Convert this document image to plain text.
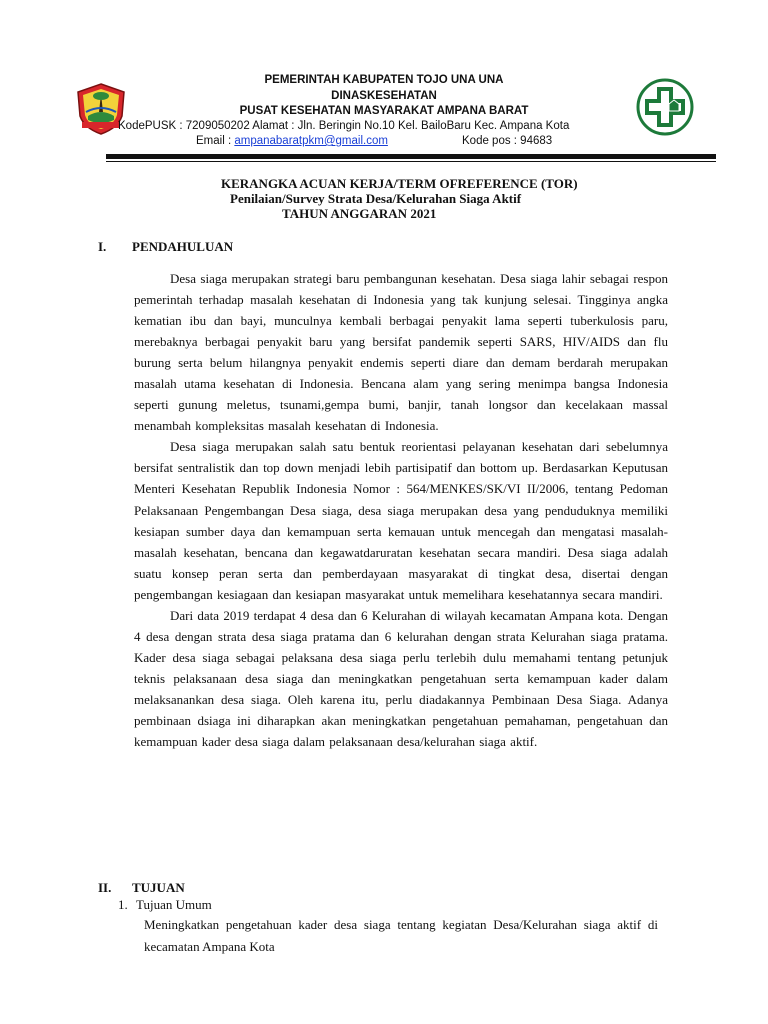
PEMERINTAH KABUPATEN TOJO UNA UNA
DINASKESEHATAN
PUSAT KESEHATAN MASYARAKAT AMPANA BARAT
KodePUSK : 7209050202 Alamat : Jln. Beringin No.10 Kel. BailoBaru Kec. Ampana Kota
Email : ampanabaratpkm@gmail.com	Kode pos : 94683
KERANGKA ACUAN KERJA/TERM OFREFERENCE (TOR)
Penilaian/Survey Strata Desa/Kelurahan Siaga Aktif
TAHUN ANGGARAN 2021
I. PENDAHULUAN

Desa siaga merupakan strategi baru pembangunan kesehatan. Desa siaga lahir sebagai respon pemerintah terhadap masalah kesehatan di Indonesia yang tak kunjung selesai. Tingginya angka kematian ibu dan bayi, munculnya kembali berbagai penyakit lama seperti tuberkulosis paru, merebaknya berbagai penyakit baru yang bersifat pandemik seperti SARS, HIV/AIDS dan flu burung serta belum hilangnya penyakit endemis seperti diare dan demam berdarah merupakan masalah utama kesehatan di Indonesia. Bencana alam yang sering menimpa bangsa Indonesia seperti gunung meletus, tsunami,gempa bumi, banjir, tanah longsor dan kecelakaan massal menambah kompleksitas masalah kesehatan di Indonesia.

Desa siaga merupakan salah satu bentuk reorientasi pelayanan kesehatan dari sebelumnya bersifat sentralistik dan top down menjadi lebih partisipatif dan bottom up. Berdasarkan Keputusan Menteri Kesehatan Republik Indonesia Nomor : 564/MENKES/SK/VI II/2006, tentang Pedoman Pelaksanaan Pengembangan Desa siaga, desa siaga merupakan desa yang penduduknya memiliki kesiapan sumber daya dan kemampuan serta kemauan untuk mencegah dan mengatasi masalah-masalah kesehatan, bencana dan kegawatdaruratan kesehatan secara mandiri. Desa siaga adalah suatu konsep peran serta dan pemberdayaan masyarakat di tingkat desa, disertai dengan pengembangan kesiagaan dan kesiapan masyarakat untuk memelihara kesehatannya secara mandiri.

Dari data 2019 terdapat 4 desa dan 6 Kelurahan di wilayah kecamatan Ampana kota. Dengan 4 desa dengan strata desa siaga pratama dan 6 kelurahan dengan strata Kelurahan siaga pratama. Kader desa siaga sebagai pelaksana desa siaga perlu terlebih dulu memahami tentang petunjuk teknis pelaksanaan desa siaga dan meningkatkan pengetahuan serta kemampuan kader dalam melaksanankan desa siaga. Oleh karena itu, perlu diadakannya Pembinaan Desa Siaga. Adanya pembinaan dsiaga ini diharapkan akan meningkatkan pengetahuan pemahaman, pengetahuan dan kemampuan kader desa siaga dalam pelaksanaan desa/kelurahan siaga aktif.

II. TUJUAN
1. Tujuan Umum

Meningkatkan pengetahuan kader desa siaga tentang kegiatan Desa/Kelurahan siaga aktif di kecamatan Ampana Kota
